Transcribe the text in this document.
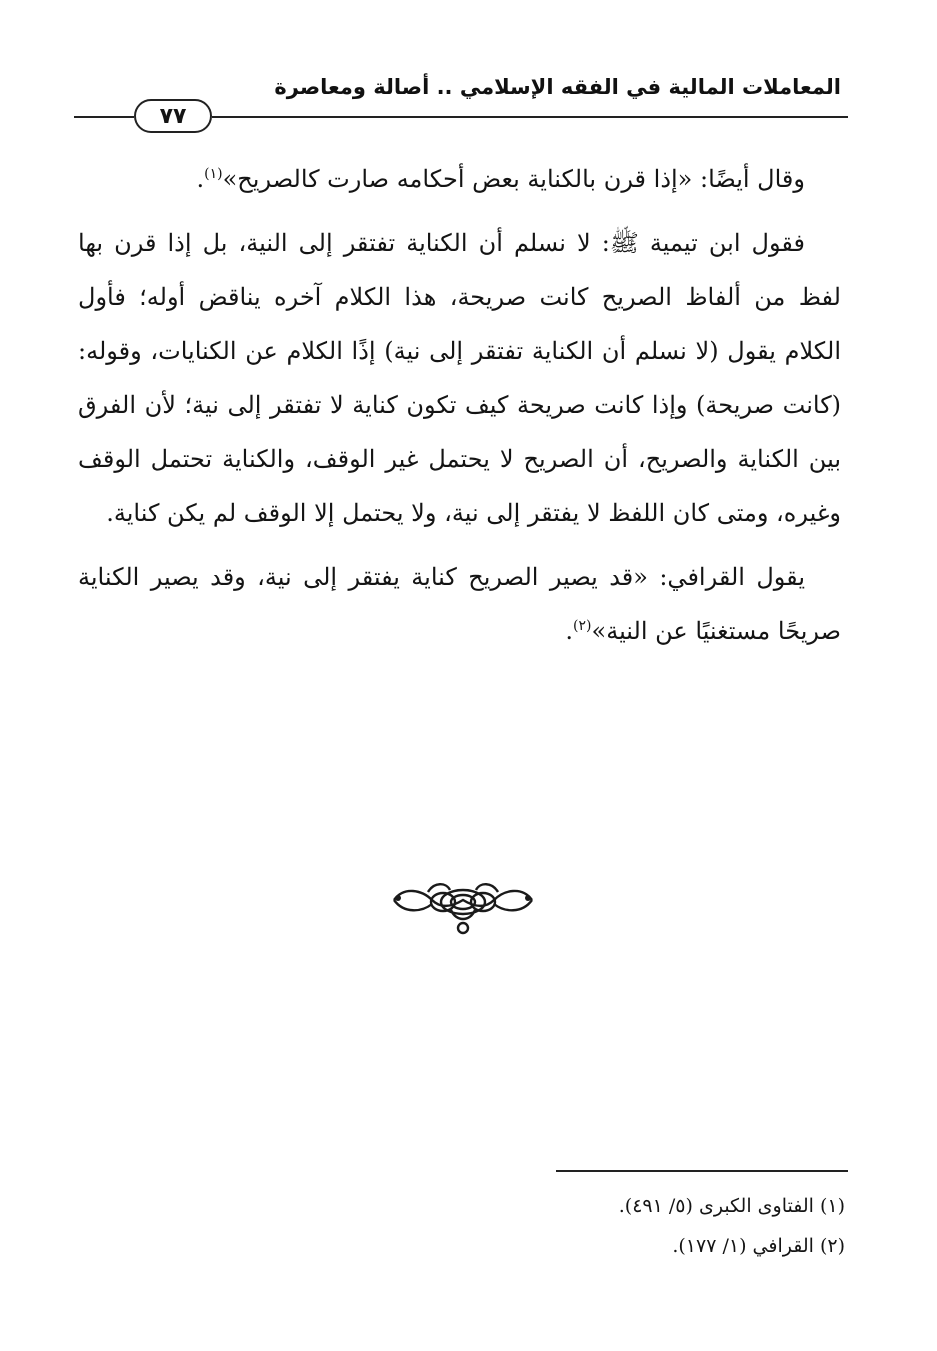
المعاملات المالية في الفقه الإسلامي .. أصالة ومعاصرة
٧٧

وقال أيضًا: «إذا قرن بالكناية بعض أحكامه صارت كالصريح»$^{(١)}$.

فقول ابن تيمية ﷺ: لا نسلم أن الكناية تفتقر إلى النية، بل إذا قرن بها لفظ من ألفاظ الصريح كانت صريحة، هذا الكلام آخره يناقض أوله؛ فأول الكلام يقول (لا نسلم أن الكناية تفتقر إلى نية) إذًا الكلام عن الكنايات، وقوله: (كانت صريحة) وإذا كانت صريحة كيف تكون كناية لا تفتقر إلى نية؛ لأن الفرق بين الكناية والصريح، أن الصريح لا يحتمل غير الوقف، والكناية تحتمل الوقف وغيره، ومتى كان اللفظ لا يفتقر إلى نية، ولا يحتمل إلا الوقف لم يكن كناية.

يقول القرافي: «قد يصير الصريح كناية يفتقر إلى نية، وقد يصير الكناية صريحًا مستغنيًا عن النية»$^{(٢)}$.

(١) الفتاوى الكبرى (٥/ ٤٩١).
(٢) القرافي (١/ ١٧٧).
